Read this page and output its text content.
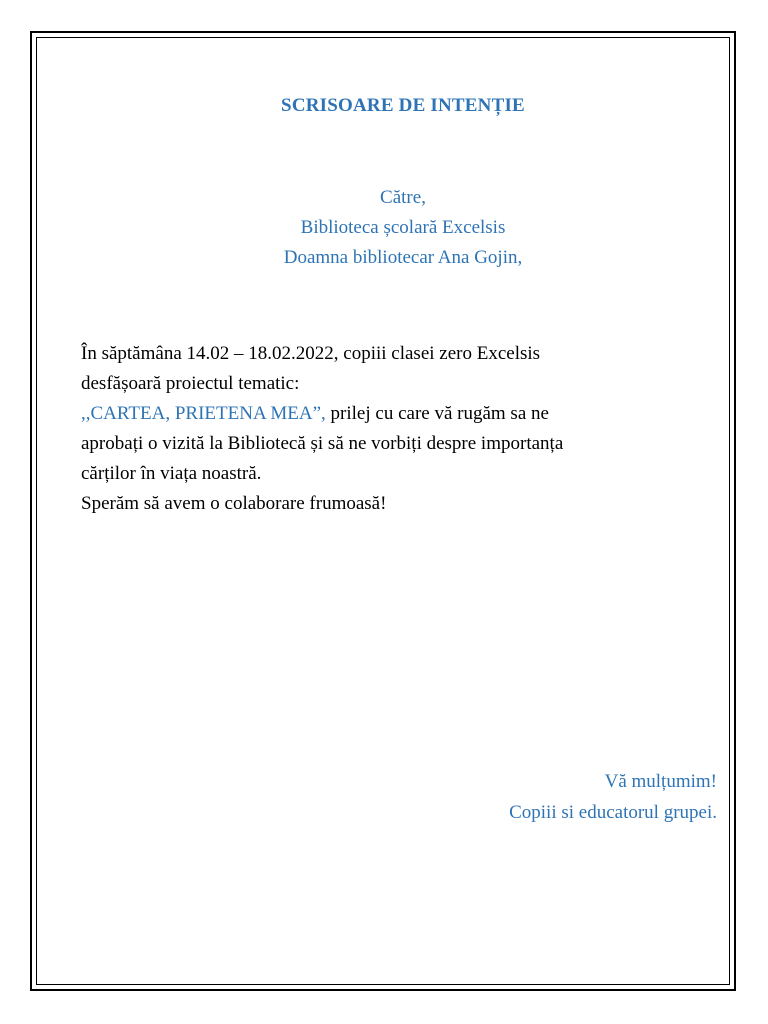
SCRISOARE DE INTENȚIE
Către,
Biblioteca școlară Excelsis
Doamna bibliotecar Ana Gojin,
În săptămâna 14.02 – 18.02.2022, copiii clasei zero Excelsis
desfășoară proiectul tematic:
,,CARTEA, PRIETENA MEA”, prilej cu care vă rugăm sa ne
aprobați o vizită la Bibliotecă și să ne vorbiți despre importanța
cărților în viața noastră.
Sperăm să avem o colaborare frumoasă!
Vă mulțumim!
Copiii si educatorul grupei.
